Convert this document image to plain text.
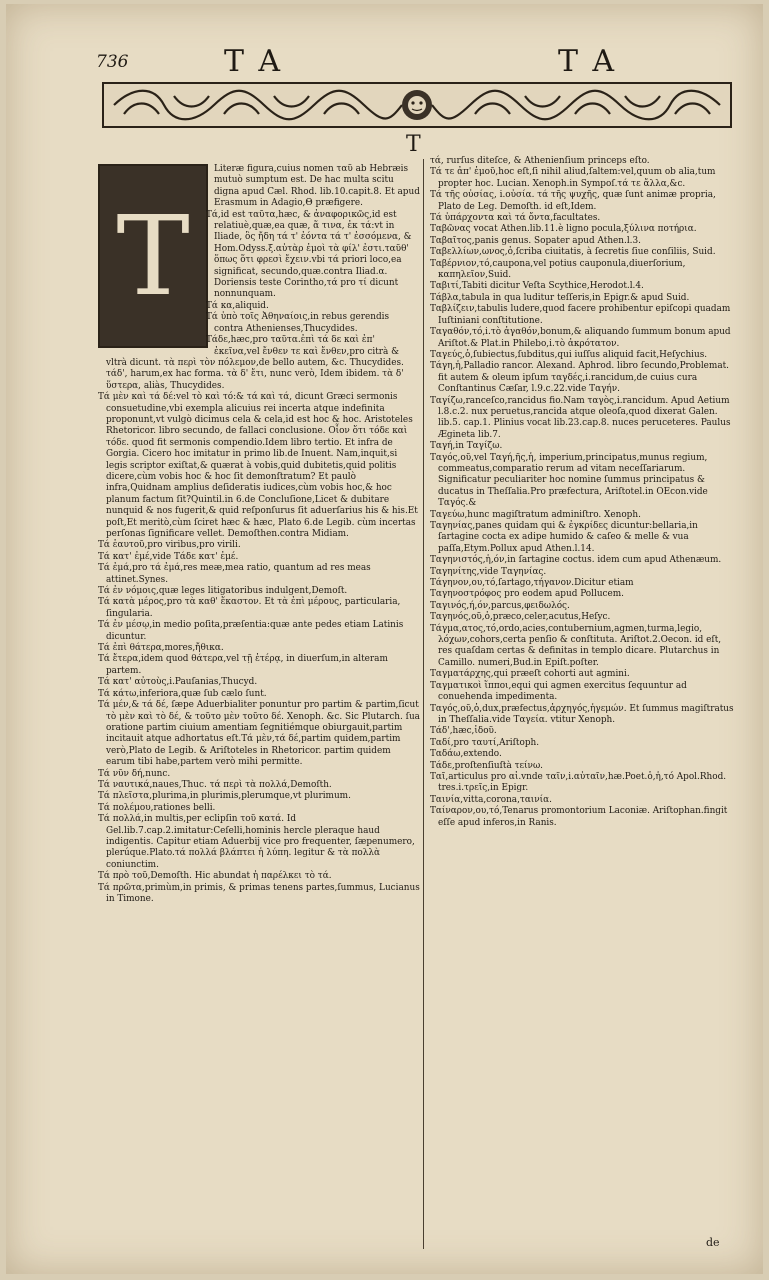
736	TA	TA
T
T

Literæ figura,cuius nomen ταῦ ab Hebræis mutuò sumptum est. De hac multa scitu digna apud Cæl. Rhod. lib.10.capit.8. Et apud Erasmum in Adagio,Θ præfigere.

Τά,id est ταῦτα,hæc, & ἀναφορικῶς,id est relatiuè,quæ,ea quæ, ἅ τινα, ἐκ τά:vt in Iliade, ὃς ἤδη τά τ' ἐόντα τά τ' ἐσσόμενα, & Hom.Odyss.ξ.αὐτὰρ ἐμοὶ τὰ φίλ' ἐστι.ταῦθ' ὅπως ὅτι φρεσὶ ἔχειν.vbi τά priori loco,ea significat, secundo,quæ.contra Iliad.α. Doriensis teste Corintho,τά pro τί dicunt nonnunquam.

Τά κα,aliquid.

Τά ὑπὸ τοῖς Ἀθηναίοις,in rebus gerendis contra Athenienses,Thucydides.

Τάδε,hæc,pro ταῦτα.ἐπὶ τά δε καὶ ἐπ' ἐκεῖνα,vel ἔνθεν τε καὶ ἔνθεν,pro citrà & vltrà dicunt. τὰ περὶ τὸν πόλεμον,de bello autem, &c. Thucydides. τάδ', harum,ex hac forma. τὰ δ' ἔτι, nunc verò, Idem ibidem. τὰ δ' ὕστερα, aliàs, Thucydides.

Τά μὲν καὶ τά δέ:vel τὸ καὶ τό:& τά καὶ τά, dicunt Græci sermonis consuetudine,vbi exempla alicuius rei incerta atque indefinita proponunt,vt vulgò dicimus cela & cela,id est hoc & hoc. Aristoteles Rhetoricor. libro secundo, de fallaci conclusione. Οἷον ὅτι τόδε καὶ τόδε. quod fit sermonis compendio.Idem libro tertio. Et infra de Gorgia. Cicero hoc imitatur in primo lib.de Inuent. Nam,inquit,si legis scriptor exiſtat,& quærat à vobis,quid dubitetis,quid politis dicere,cùm vobis hoc & hoc ſit demonſtratum? Et paulò infra,Quidnam amplius deſideratis iudices,cùm vobis hoc,& hoc planum factum ſit?Quintil.in 6.de Concluſione,Licet & dubitare nunquid & nos fugerit,& quid reſponſurus ſit aduerſarius his & his.Et poſt,Et meritò,cùm ſciret hæc & hæc, Plato 6.de Legib. cùm incertas perſonas ſignificare vellet. Demoſthen.contra Midiam.

Τά ἑαυτοῦ,pro viribus,pro virili.

Τά κατ' ἐμέ,vide Τάδε κατ' ἐμέ.

Τά ἐμά,pro τά ἐμά,res meæ,mea ratio, quantum ad res meas attinet.Synes.

Τά ἐν νόμοις,quæ leges litigatoribus indulgent,Demoſt.

Τά κατὰ μέρος,pro τὰ καθ' ἕκαστον. Et τὰ ἐπὶ μέρους, particularia, ſingularia.

Τά ἐν μέσῳ,in medio poſita,præſentia:quæ ante pedes etiam Latinis dicuntur.

Τά ἐπὶ θάτερα,mores,ἤθικα.

Τά ἔτερα,idem quod θάτερα,vel τῇ ἑτέρᾳ, in diuerſum,in alteram partem.

Τά κατ' αὐτοὺς,i.Pauſanias,Thucyd.

Τά κάτω,inferiora,quæ ſub cælo ſunt.

Τά μέν,& τά δέ, ſæpe Aduerbialiter ponuntur pro partim & partim,ſicut τὸ μὲν καὶ τὸ δέ, & τοῦτο μὲν τοῦτο δέ. Xenoph. &c. Sic Plutarch. ſua oratione partim ciuium amentiam ſegnitiémque obiurgauit,partim incitauit atque adhortatus eſt.Τά μὲν,τά δέ,partim quidem,partim verò,Plato de Legib. & Ariſtoteles in Rhetoricor. partim quidem earum tibi habe,partem verò mihi permitte.

Τά νῦν δή,nunc.

Τά ναυτικά,naues,Thuc. τά περὶ τὰ πολλά,Demoſth.

Τά πλεῖστα,plurima,in plurimis,plerumque,vt plurimum.

Τά πολέμου,rationes belli.

Τά πολλά,in multis,per eclipſin τοῦ κατά. Id Gel.lib.7.cap.2.imitatur:Ceſelli,hominis hercle pleraque haud indigentis. Capitur etiam Aduerbij vice pro frequenter, ſæpenumero, plerúque.Plato.τά πολλά βλάπτει ἡ λύπη. legitur & τὰ πολλὰ coniunctim.

Τά πρὸ τοῦ,Demoſth. Hic abundat ἡ παρέλκει τὸ τά.

Τά πρῶτα,primùm,in primis, & primas tenens partes,ſummus, Lucianus in Timone.

τά, rurſus diteſce, & Athenienſium princeps eſto.

Τά τε ἀπ' ἐμοῦ,hoc eſt,ſi nihil aliud,ſaltem:vel,quum ob alia,tum propter hoc. Lucian. Xenoph.in Sympoſ.τά τε ἄλλα,&c.

Τά τῆς οὐσίας, i.οὐσία. τά τῆς ψυχῆς, quæ ſunt animæ propria, Plato de Leg. Demoſth. id eſt,Idem.

Τά ὑπάρχοντα καὶ τά ὄντα,facultates.

Ταβῶνας vocat Athen.lib.11.è ligno pocula,ξύλινα ποτήρια.

Ταβαῖτος,panis genus. Sopater apud Athen.l.3.

Ταβελλίων,ωνος,ὁ,ſcriba ciuitatis, à ſecretis ſiue conſiliis, Suid.

Ταβέρνιον,τό,caupona,vel potius cauponula,diuerſorium, καπηλεῖον,Suid.

Ταβιτί,Tabiti dicitur Veſta Scythice,Herodot.l.4.

Τάβλα,tabula in qua luditur teſſeris,in Epigr.& apud Suid.

Ταβλίζειν,tabulis ludere,quod facere prohibentur epiſcopi quadam Iuſtiniani conſtitutione.

Ταγαθόν,τό,i.τὸ ἀγαθόν,bonum,& aliquando ſummum bonum apud Ariſtot.& Plat.in Philebo,i.τὸ ἀκρότατον.

Ταγεύς,ὁ,ſubiectus,ſubditus,qui iuſſus aliquid facit,Heſychius.

Τάγη,ἡ,Palladio rancor. Alexand. Aphrod. libro ſecundo,Problemat. fit autem & oleum ipſum ταγδές,i.rancidum,de cuius cura Conſtantinus Cæſar, l.9.c.22.vide Ταγήν.

Ταγίζω,ranceſco,rancidus fio.Nam ταγὸς,i.rancidum. Apud Aetium l.8.c.2. nux peruetus,rancida atque oleoſa,quod dixerat Galen. lib.5. cap.1. Plinius vocat lib.23.cap.8. nuces peruceteres. Paulus Ægineta lib.7.

Ταγή,in Ταγίζω.

Ταγός,οῦ,vel Ταγή,ῆς,ἡ, imperium,principatus,munus regium, commeatus,comparatio rerum ad vitam neceſſariarum. Significatur peculiariter hoc nomine ſummus principatus & ducatus in Theſſalia.Pro præfectura, Ariſtotel.in OEcon.vide Ταγός.&

Ταγεύω,hunc magiſtratum adminiſtro. Xenoph.

Ταγηνίας,panes quidam qui & ἐγκρίδες dicuntur:bellaria,in ſartagine cocta ex adipe humido & caſeo & melle & vua paſſa,Etym.Pollux apud Athen.l.14.

Ταγηνιστός,ἡ,όν,in ſartagine coctus. idem cum apud Athenæum.

Ταγηνίτης,vide Ταγηνίας.

Τάγηνον,ου,τό,ſartago,τήγανον.Dicitur etiam

Ταγηνοστρόφος pro eodem apud Pollucem.

Ταγινός,ή,όν,parcus,φειδωλός.

Ταγηνός,οῦ,ὁ,præco,celer,acutus,Heſyc.

Τάγμα,ατος,τό,ordo,acies,contubernium,agmen,turma,legio, λόχων,cohors,certa penſio & conſtituta. Ariſtot.2.Oecon. id eſt, res quaſdam certas & definitas in templo dicare. Plutarchus in Camillo. numeri,Bud.in Epiſt.poſter.

Ταγματάρχης,qui præeſt cohorti aut agmini.

Ταγματικοὶ ἵπποι,equi qui agmen exercitus ſequuntur ad conuehenda impedimenta.

Ταγός,οῦ,ὁ,dux,præfectus,ἀρχηγός,ἡγεμών. Et ſummus magiſtratus in Theſſalia.vide Ταγεία. vtitur Xenoph.

Τάδ',hæc,ἰδοῦ.

Ταδί,pro ταυτί,Ariſtoph.

Ταδάω,extendo.

Τάδε,proſtenſiuſtà τείνω.

Ταῖ,articulus pro αἱ.vnde ταῖν,i.αὐταῖν,hæ.Poet.ὁ,ἡ,τό Apol.Rhod. tres.i.τρεῖς,in Epigr.

Ταινία,vitta,corona,ταινία.

Ταίναρον,ου,τό,Tenarus promontorium Laconiæ. Ariſtophan.fingit eſſe apud inferos,in Ranis.

de
